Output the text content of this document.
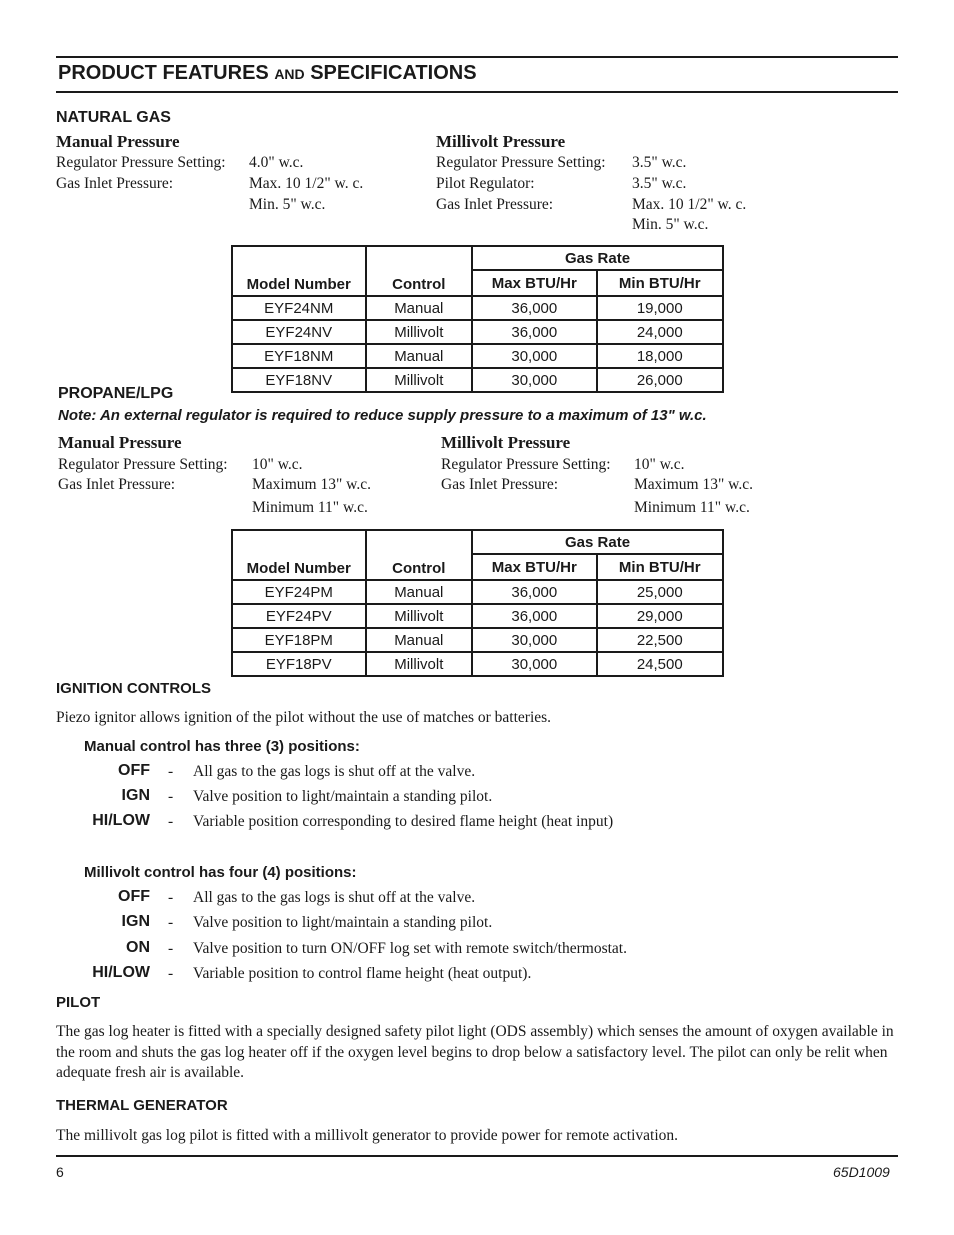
PRODUCT FEATURES AND SPECIFICATIONS
NATURAL GAS
Manual Pressure
Regulator Pressure Setting: 4.0" w.c.
Gas Inlet Pressure:	Max. 10 1/2" w. c.
Min. 5" w.c.
Millivolt Pressure
Regulator Pressure Setting: 3.5" w.c.
Pilot Regulator:	3.5" w.c.
Gas Inlet Pressure:	Max. 10 1/2" w. c.
Min. 5" w.c.
Model Number	Control	Gas Rate	
		Max BTU/Hr	Min BTU/Hr
EYF24NM	Manual	36,000	19,000
EYF24NV	Millivolt	36,000	24,000
EYF18NM	Manual	30,000	18,000
EYF18NV	Millivolt	30,000	26,000
PROPANE/LPG
Note: An external regulator is required to reduce supply pressure to a maximum of 13" w.c.
Manual Pressure
Regulator Pressure Setting: 10" w.c.
Gas Inlet Pressure:	Maximum 13" w.c.
Minimum 11" w.c.
Millivolt Pressure
Regulator Pressure Setting: 10" w.c.
Gas Inlet Pressure:	Maximum 13" w.c.
Minimum 11" w.c.
Model Number	Control	Gas Rate	
		Max BTU/Hr	Min BTU/Hr
EYF24PM	Manual	36,000	25,000
EYF24PV	Millivolt	36,000	29,000
EYF18PM	Manual	30,000	22,500
EYF18PV	Millivolt	30,000	24,500
IGNITION CONTROLS
Piezo ignitor allows ignition of the pilot without the use of matches or batteries.
Manual control has three (3) positions:
OFF - All gas to the gas logs is shut off at the valve.
IGN - Valve position to light/maintain a standing pilot.
HI/LOW - Variable position corresponding to desired flame height (heat input)
Millivolt control has four (4) positions:
OFF - All gas to the gas logs is shut off at the valve.
IGN - Valve position to light/maintain a standing pilot.
ON - Valve position to turn ON/OFF log set with remote switch/thermostat.
HI/LOW - Variable position to control flame height (heat output).
PILOT
The gas log heater is fitted with a specially designed safety pilot light (ODS assembly) which senses the amount of oxygen available in the room and shuts the gas log heater off if the oxygen level begins to drop below a satisfactory level. The pilot can only be relit when adequate fresh air is available.
THERMAL GENERATOR
The millivolt gas log pilot is fitted with a millivolt generator to provide power for remote activation.
6	65D1009
